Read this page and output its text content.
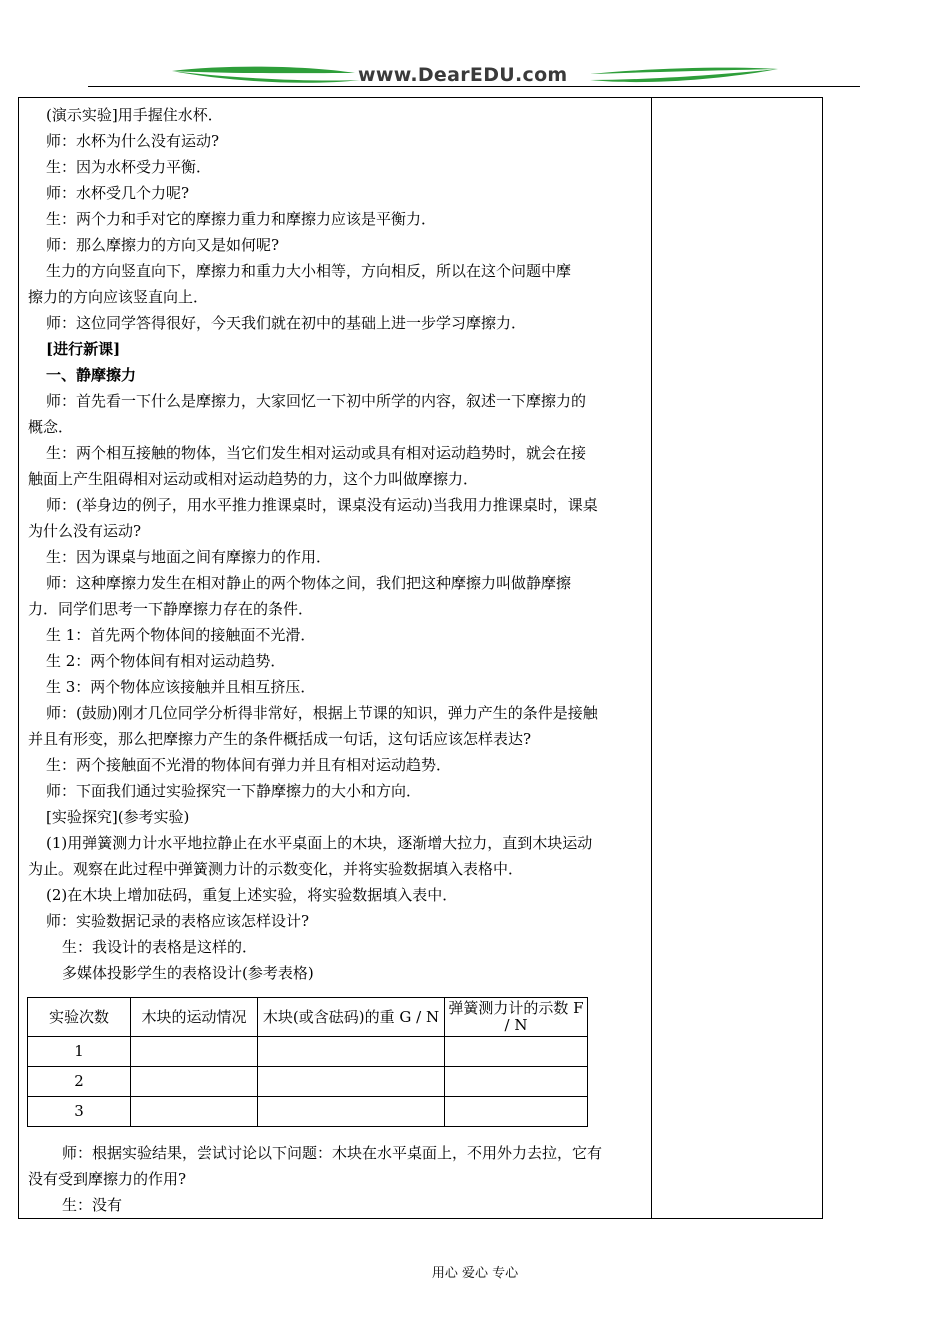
www.DearEDU.com

(演示实验]用手握住水杯．

师：水杯为什么没有运动?

生：因为水杯受力平衡．

师：水杯受几个力呢?

生：两个力和手对它的摩擦力重力和摩擦力应该是平衡力．

师：那么摩擦力的方向又是如何呢?

生力的方向竖直向下，摩擦力和重力大小相等，方向相反，所以在这个问题中摩

擦力的方向应该竖直向上．

师：这位同学答得很好，今天我们就在初中的基础上进一步学习摩擦力．

[进行新课]

一、静摩擦力

师：首先看一下什么是摩擦力，大家回忆一下初中所学的内容，叙述一下摩擦力的

概念．

生：两个相互接触的物体，当它们发生相对运动或具有相对运动趋势时，就会在接

触面上产生阻碍相对运动或相对运动趋势的力，这个力叫做摩擦力．

师：(举身边的例子，用水平推力推课桌时，课桌没有运动)当我用力推课桌时，课桌

为什么没有运动?

生：因为课桌与地面之间有摩擦力的作用．

师：这种摩擦力发生在相对静止的两个物体之间，我们把这种摩擦力叫做静摩擦

力．同学们思考一下静摩擦力存在的条件．

生 1：首先两个物体间的接触面不光滑．

生 2：两个物体间有相对运动趋势．

生 3：两个物体应该接触并且相互挤压．

师：(鼓励)刚才几位同学分析得非常好，根据上节课的知识，弹力产生的条件是接触

并且有形变，那么把摩擦力产生的条件概括成一句话，这句话应该怎样表达?

生：两个接触面不光滑的物体间有弹力并且有相对运动趋势．

师：下面我们通过实验探究一下静摩擦力的大小和方向．

[实验探究](参考实验)

(1)用弹簧测力计水平地拉静止在水平桌面上的木块，逐渐增大拉力，直到木块运动

为止。观察在此过程中弹簧测力计的示数变化，并将实验数据填入表格中．

(2)在木块上增加砝码，重复上述实验，将实验数据填入表中．

师：实验数据记录的表格应该怎样设计?

生：我设计的表格是这样的．

多媒体投影学生的表格设计(参考表格)

实验次数	木块的运动情况	木块(或含砝码)的重 G / N	弹簧测力计的示数 F / N
1			
2			
3			

师：根据实验结果，尝试讨论以下问题：木块在水平桌面上，不用外力去拉，它有

没有受到摩擦力的作用?

生：没有

用心 爱心 专心
